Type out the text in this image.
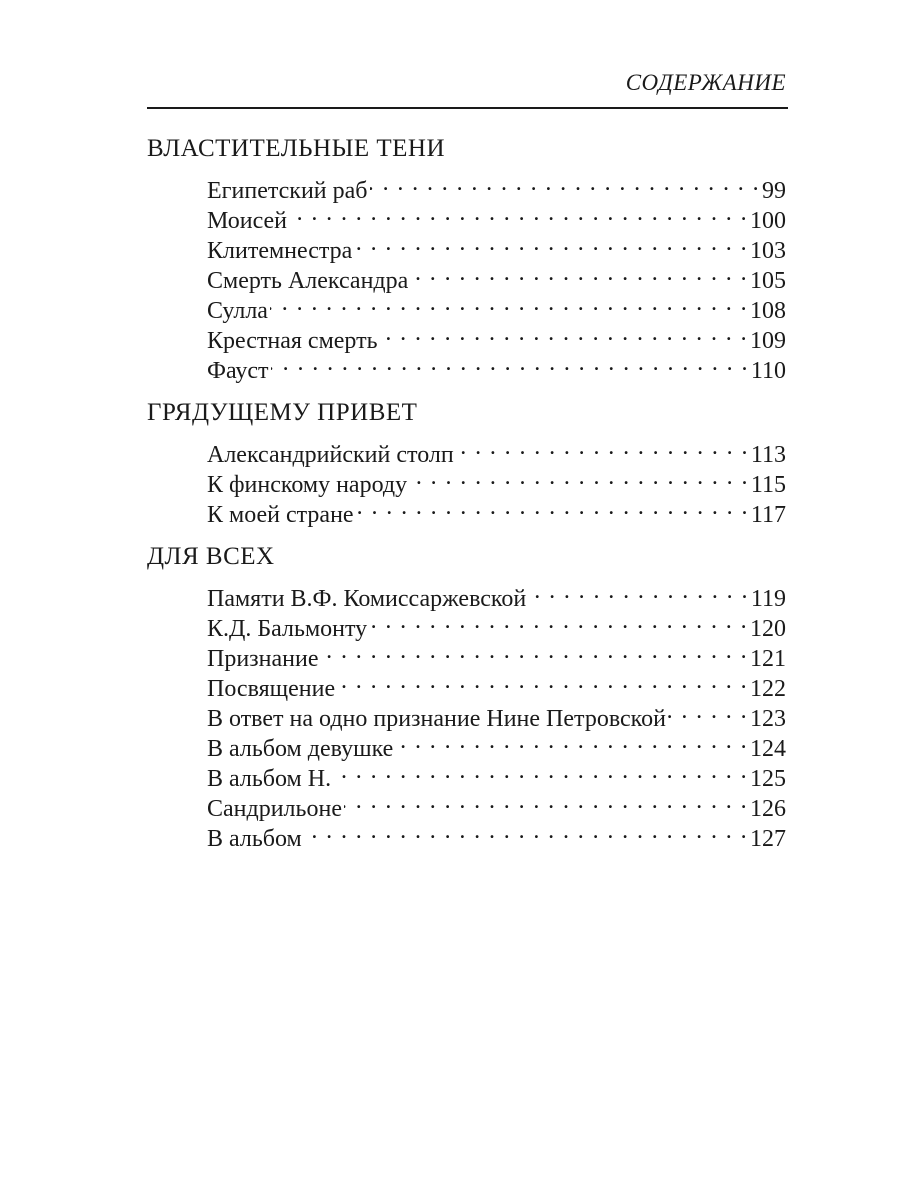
СОДЕРЖАНИЕ
ВЛАСТИТЕЛЬНЫЕ ТЕНИ
Египетский раб . . .	99
Моисей . . .	100
Клитемнестра . . .	103
Смерть Александра . . .	105
Сулла . . .	108
Крестная смерть . . .	109
Фауст . . .	110
ГРЯДУЩЕМУ ПРИВЕТ
Александрийский столп . . .	113
К финскому народу . . .	115
К моей стране . . .	117
ДЛЯ ВСЕХ
Памяти В.Ф. Комиссаржевской . . .	119
К.Д. Бальмонту . . .	120
Признание . . .	121
Посвящение . . .	122
В ответ на одно признание Нине Петровской . . .	123
В альбом девушке . . .	124
В альбом Н. . . .	125
Сандрильоне . . .	126
В альбом . . .	127
